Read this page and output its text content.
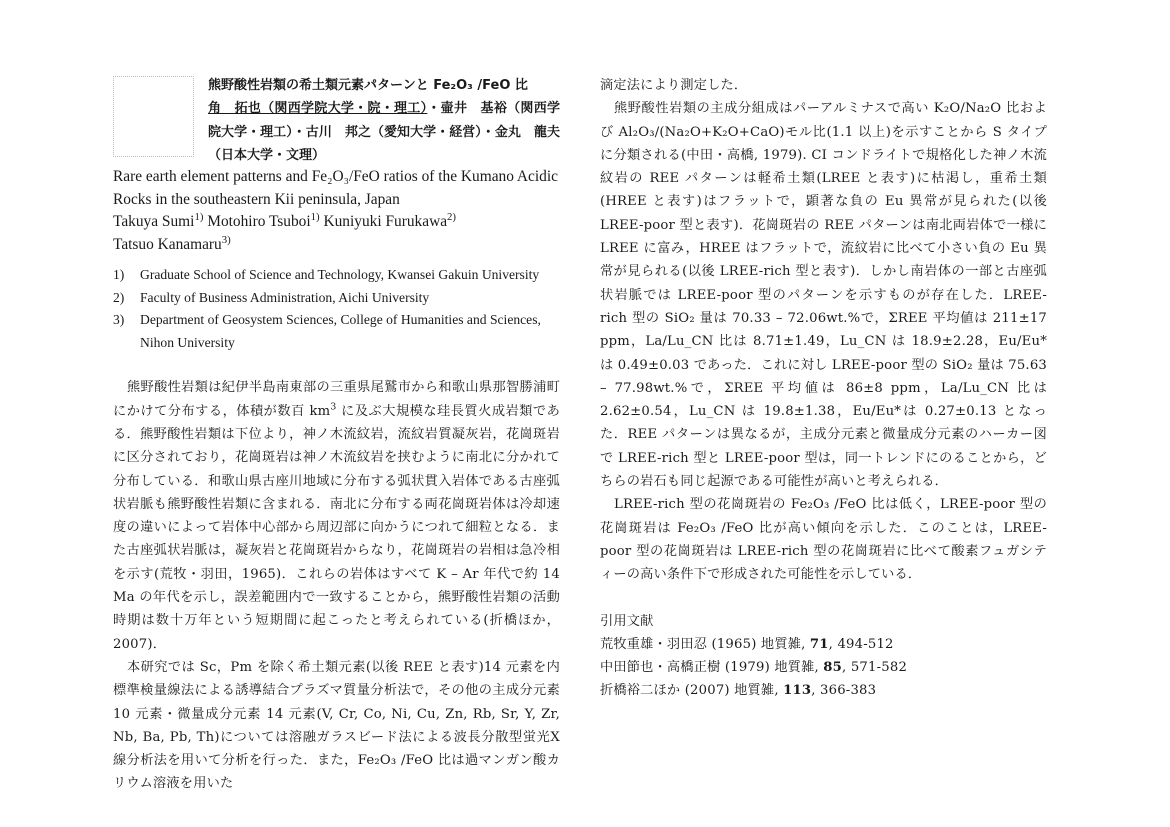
熊野酸性岩類の希土類元素パターンと Fe₂O₃ /FeO 比
角　拓也（関西学院大学・院・理工）・壷井　基裕（関西学院大学・理工）・古川　邦之（愛知大学・経営）・金丸　龍夫（日本大学・文理）
Rare earth element patterns and Fe₂O₃/FeO ratios of the Kumano Acidic Rocks in the southeastern Kii peninsula, Japan
Takuya Sumi$^{1)}$ Motohiro Tsuboi$^{1)}$ Kuniyuki Furukawa$^{2)}$
Tatsuo Kanamaru$^{3)}$
1) Graduate School of Science and Technology, Kwansei Gakuin University
2) Faculty of Business Administration, Aichi University
3) Department of Geosystem Sciences, College of Humanities and Sciences, Nihon University

熊野酸性岩類は紀伊半島南東部の三重県尾鷲市から和歌山県那智勝浦町にかけて分布する，体積が数百 $km^3$ に及ぶ大規模な珪長質火成岩類である．熊野酸性岩類は下位より，神ノ木流紋岩，流紋岩質凝灰岩，花崗斑岩に区分されており，花崗斑岩は神ノ木流紋岩を挟むように南北に分かれて分布している．和歌山県古座川地域に分布する弧状貫入岩体である古座弧状岩脈も熊野酸性岩類に含まれる．南北に分布する両花崗斑岩体は冷却速度の違いによって岩体中心部から周辺部に向かうにつれて細粒となる．また古座弧状岩脈は，凝灰岩と花崗斑岩からなり，花崗斑岩の岩相は急冷相を示す(荒牧・羽田，1965)．これらの岩体はすべて K – Ar 年代で約 14 Ma の年代を示し，誤差範囲内で一致することから，熊野酸性岩類の活動時期は数十万年という短期間に起こったと考えられている(折橋ほか，2007)．

本研究では Sc，Pm を除く希土類元素(以後 REE と表す)14 元素を内標準検量線法による誘導結合プラズマ質量分析法で，その他の主成分元素 10 元素・微量成分元素 14 元素(V, Cr, Co, Ni, Cu, Zn, Rb, Sr, Y, Zr, Nb, Ba, Pb, Th)については溶融ガラスビード法による波長分散型蛍光X線分析法を用いて分析を行った．また，Fe₂O₃ /FeO 比は過マンガン酸カリウム溶液を用いた

滴定法により測定した．

熊野酸性岩類の主成分組成はパーアルミナスで高い K₂O/Na₂O 比および Al₂O₃/(Na₂O+K₂O+CaO)モル比(1.1 以上)を示すことから S タイプに分類される(中田・高橋, 1979). CI コンドライトで規格化した神ノ木流紋岩の REE パターンは軽希土類(LREE と表す)に枯渇し，重希土類(HREE と表す)はフラットで，顕著な負の Eu 異常が見られた(以後 LREE-poor 型と表す)．花崗斑岩の REE パターンは南北両岩体で一様に LREE に富み，HREE はフラットで，流紋岩に比べて小さい負の Eu 異常が見られる(以後 LREE-rich 型と表す)．しかし南岩体の一部と古座弧状岩脈では LREE-poor 型のパターンを示すものが存在した．LREE-rich 型の SiO₂ 量は 70.33 – 72.06wt.%で，ΣREE 平均値は 211±17 ppm，La/Lu_CN 比は 8.71±1.49，Lu_CN は 18.9±2.28，Eu/Eu* は 0.49±0.03 であった．これに対し LREE-poor 型の SiO₂ 量は 75.63 – 77.98wt.%で，ΣREE 平均値は 86±8 ppm，La/Lu_CN 比は 2.62±0.54，Lu_CN は 19.8±1.38，Eu/Eu*は 0.27±0.13 となった．REE パターンは異なるが，主成分元素と微量成分元素のハーカー図で LREE-rich 型と LREE-poor 型は，同一トレンドにのることから，どちらの岩石も同じ起源である可能性が高いと考えられる．

LREE-rich 型の花崗斑岩の Fe₂O₃ /FeO 比は低く，LREE-poor 型の花崗斑岩は Fe₂O₃ /FeO 比が高い傾向を示した．このことは，LREE-poor 型の花崗斑岩は LREE-rich 型の花崗斑岩に比べて酸素フュガシティーの高い条件下で形成された可能性を示している．

引用文献
荒牧重雄・羽田忍 (1965) 地質雑, 71, 494-512
中田節也・高橋正樹 (1979) 地質雑, 85, 571-582
折橋裕二ほか (2007) 地質雑, 113, 366-383
